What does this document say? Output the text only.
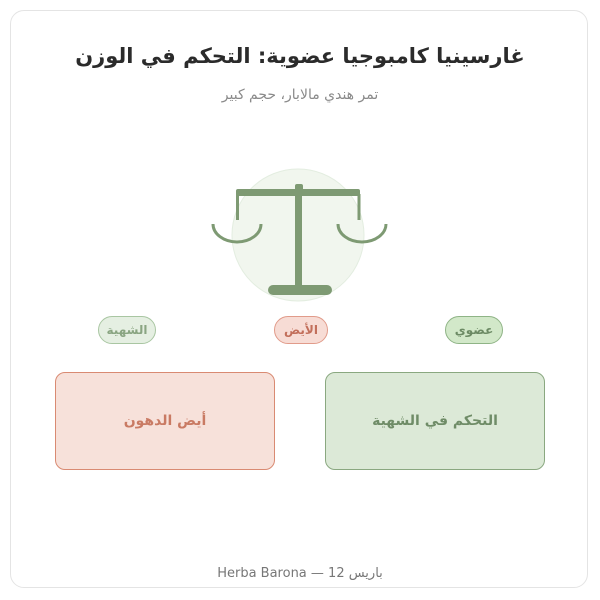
غارسينيا كامبوجيا عضوية: التحكم في الوزن
تمر هندي مالابار، حجم كبير
عضوي
الأيض
الشهية
أيض الدهون	التحكم في الشهية
Herba Barona — باريس 12
